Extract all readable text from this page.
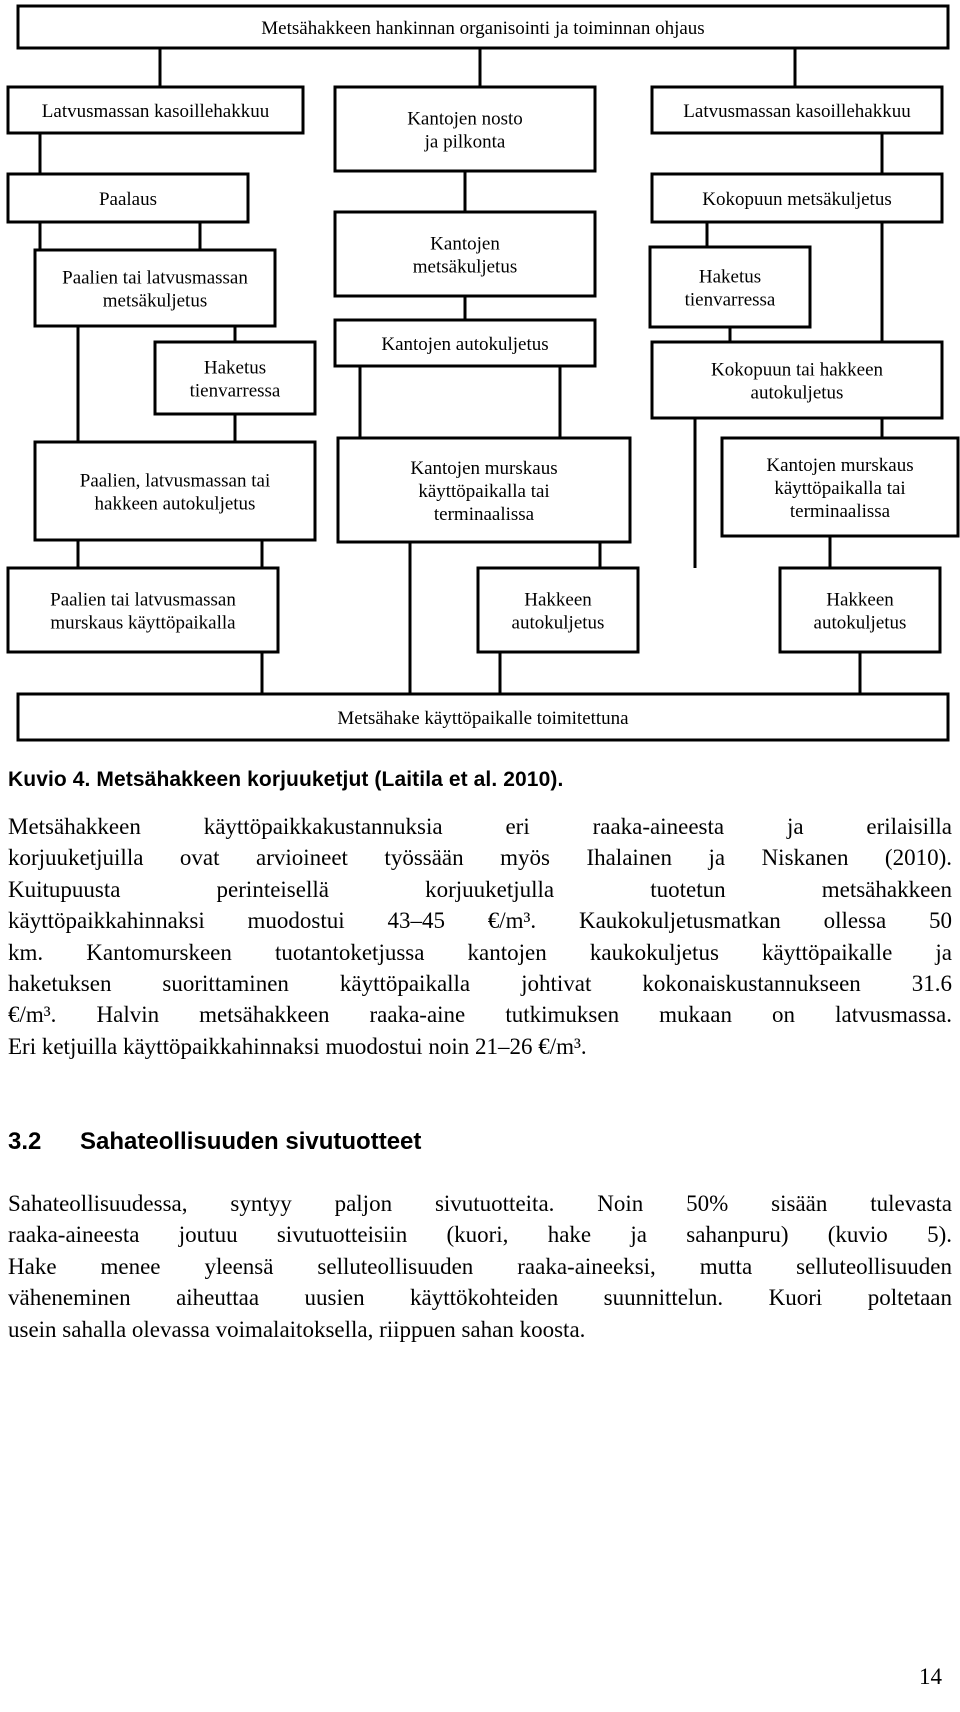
Metsähakkeen hankinnan organisointi ja toiminnan ohjaus
Latvusmassan kasoillehakkuu	Kantojen nosto
ja pilkonta
Latvusmassan kasoillehakkuu
Paalaus	Kokopuun metsäkuljetus
Kantojen
metsäkuljetus
Paalien tai latvusmassan
metsäkuljetus
Haketus
tienvarressa
Kantojen autokuljetus
Haketus
tienvarressa
Kokopuun tai hakkeen
autokuljetus
Paalien, latvusmassan tai
hakkeen autokuljetus
Kantojen murskaus
käyttöpaikalla tai
terminaalissa
Kantojen murskaus
käyttöpaikalla tai
terminaalissa
Paalien tai latvusmassan
murskaus käyttöpaikalla
Hakkeen
autokuljetus
Hakkeen
autokuljetus
Metsähake käyttöpaikalle toimitettuna

Kuvio 4. Metsähakkeen korjuuketjut (Laitila et al. 2010).

Metsähakkeen käyttöpaikkakustannuksia eri raaka-aineesta ja erilaisilla
korjuuketjuilla ovat arvioineet työssään myös Ihalainen ja Niskanen (2010).
Kuitupuusta perinteisellä korjuuketjulla tuotetun metsähakkeen
käyttöpaikkahinnaksi muodostui 43–45 €/m³. Kaukokuljetusmatkan ollessa 50
km. Kantomurskeen tuotantoketjussa kantojen kaukokuljetus käyttöpaikalle ja
haketuksen suorittaminen käyttöpaikalla johtivat kokonaiskustannukseen 31.6
€/m³. Halvin metsähakkeen raaka-aine tutkimuksen mukaan on latvusmassa.
Eri ketjuilla käyttöpaikkahinnaksi muodostui noin 21–26 €/m³.
3.2 Sahateollisuuden sivutuotteet
Sahateollisuudessa, syntyy paljon sivutuotteita. Noin 50% sisään tulevasta
raaka-aineesta joutuu sivutuotteisiin (kuori, hake ja sahanpuru) (kuvio 5).
Hake menee yleensä selluteollisuuden raaka-aineeksi, mutta selluteollisuuden
väheneminen aiheuttaa uusien käyttökohteiden suunnittelun. Kuori poltetaan
usein sahalla olevassa voimalaitoksella, riippuen sahan koosta.
14
